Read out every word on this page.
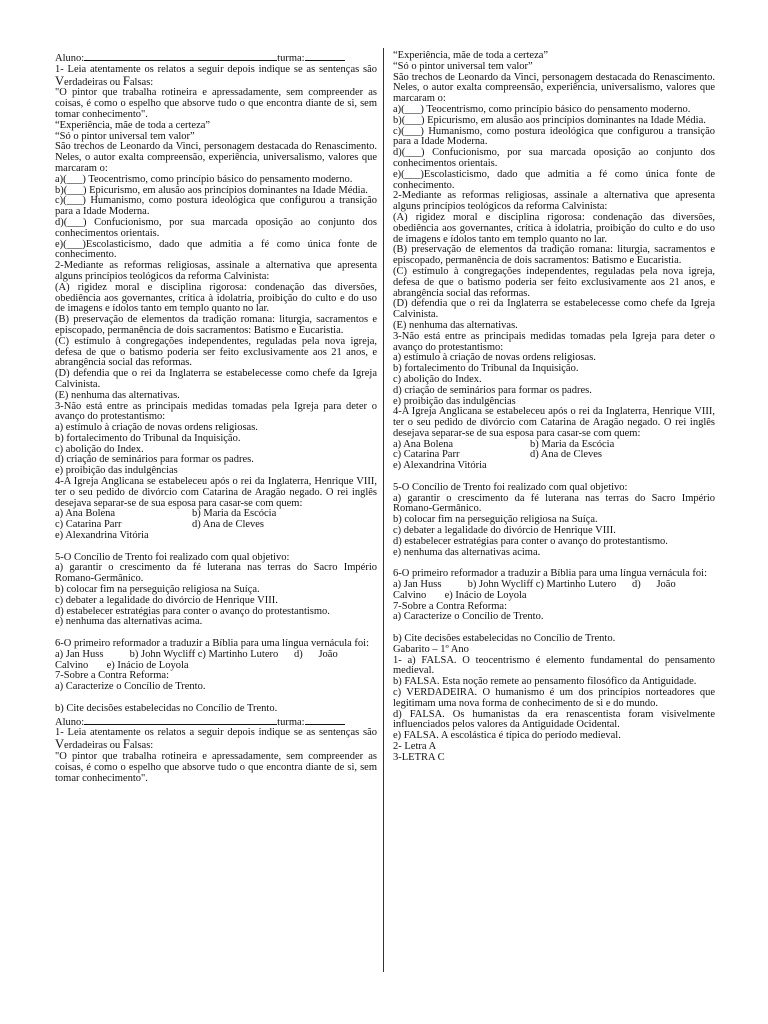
Aluno:	turma:

1- Leia atentamente os relatos a seguir depois indique se as sentenças são Verdadeiras ou Falsas:

"O pintor que trabalha rotineira e apressadamente, sem compreender as coisas, é como o espelho que absorve tudo o que encontra diante de si, sem tomar conhecimento".

“Experiência, mãe de toda a certeza”

“Só o pintor universal tem valor”

São trechos de Leonardo da Vinci, personagem destacada do Renascimento. Neles, o autor exalta compreensão, experiência, universalismo, valores que marcaram o:

a)(___) Teocentrismo, como princípio básico do pensamento moderno.

b)(___) Epicurismo, em alusão aos princípios dominantes na Idade Média.

c)(___) Humanismo, como postura ideológica que configurou a transição para a Idade Moderna.

d)(___) Confucionismo, por sua marcada oposição ao conjunto dos conhecimentos orientais.

e)(___)Escolasticismo, dado que admitia a fé como única fonte de conhecimento.

2-Mediante as reformas religiosas, assinale a alternativa que apresenta alguns princípios teológicos da reforma Calvinista:

(A) rigidez moral e disciplina rigorosa: condenação das diversões, obediência aos governantes, crítica à idolatria, proibição do culto e do uso de imagens e ídolos tanto em templo quanto no lar.

(B) preservação de elementos da tradição romana: liturgia, sacramentos e episcopado, permanência de dois sacramentos: Batismo e Eucaristia.

(C) estímulo à congregações independentes, reguladas pela nova igreja, defesa de que o batismo poderia ser feito exclusivamente aos 21 anos, e abrangência social das reformas.

(D) defendia que o rei da Inglaterra se estabelecesse como chefe da Igreja Calvinista.

(E) nenhuma das alternativas.

3-Não está entre as principais medidas tomadas pela Igreja para deter o avanço do protestantismo:

a) estímulo à criação de novas ordens religiosas.

b) fortalecimento do Tribunal da Inquisição.

c) abolição do Index.

d) criação de seminários para formar os padres.

e) proibição das indulgências

4-A Igreja Anglicana se estabeleceu após o rei da Inglaterra, Henrique VIII, ter o seu pedido de divórcio com Catarina de Aragão negado. O rei inglês desejava separar-se de sua esposa para casar-se com quem:

a) Ana Bolena	b) Maria da Escócia
c) Catarina Parr	d) Ana de Cleves

e) Alexandrina Vitória

5-O Concílio de Trento foi realizado com qual objetivo:

a) garantir o crescimento da fé luterana nas terras do Sacro Império Romano-Germânico.

b) colocar fim na perseguição religiosa na Suíça.

c) debater a legalidade do divórcio de Henrique VIII.

d) estabelecer estratégias para conter o avanço do protestantismo.

e) nenhuma das alternativas acima.

6-O primeiro reformador a traduzir a Bíblia para uma língua vernácula foi:

a) Jan Huss          b) John Wycliff c) Martinho Lutero      d)      João

Calvino       e) Inácio de Loyola

7-Sobre a Contra Reforma:

a) Caracterize o Concílio de Trento.

b) Cite decisões estabelecidas no Concílio de Trento.

Aluno:	turma:

1- Leia atentamente os relatos a seguir depois indique se as sentenças são Verdadeiras ou Falsas:

"O pintor que trabalha rotineira e apressadamente, sem compreender as coisas, é como o espelho que absorve tudo o que encontra diante de si, sem tomar conhecimento".

“Experiência, mãe de toda a certeza”

“Só o pintor universal tem valor”

São trechos de Leonardo da Vinci, personagem destacada do Renascimento. Neles, o autor exalta compreensão, experiência, universalismo, valores que marcaram o:

a)(___) Teocentrismo, como princípio básico do pensamento moderno.

b)(___) Epicurismo, em alusão aos princípios dominantes na Idade Média.

c)(___) Humanismo, como postura ideológica que configurou a transição para a Idade Moderna.

d)(___) Confucionismo, por sua marcada oposição ao conjunto dos conhecimentos orientais.

e)(___)Escolasticismo, dado que admitia a fé como única fonte de conhecimento.

2-Mediante as reformas religiosas, assinale a alternativa que apresenta alguns princípios teológicos da reforma Calvinista:

(A) rigidez moral e disciplina rigorosa: condenação das diversões, obediência aos governantes, crítica à idolatria, proibição do culto e do uso de imagens e ídolos tanto em templo quanto no lar.

(B) preservação de elementos da tradição romana: liturgia, sacramentos e episcopado, permanência de dois sacramentos: Batismo e Eucaristia.

(C) estímulo à congregações independentes, reguladas pela nova igreja, defesa de que o batismo poderia ser feito exclusivamente aos 21 anos, e abrangência social das reformas.

(D) defendia que o rei da Inglaterra se estabelecesse como chefe da Igreja Calvinista.

(E) nenhuma das alternativas.

3-Não está entre as principais medidas tomadas pela Igreja para deter o avanço do protestantismo:

a) estímulo à criação de novas ordens religiosas.

b) fortalecimento do Tribunal da Inquisição.

c) abolição do Index.

d) criação de seminários para formar os padres.

e) proibição das indulgências

4-A Igreja Anglicana se estabeleceu após o rei da Inglaterra, Henrique VIII, ter o seu pedido de divórcio com Catarina de Aragão negado. O rei inglês desejava separar-se de sua esposa para casar-se com quem:

a) Ana Bolena	b) Maria da Escócia
c) Catarina Parr	d) Ana de Cleves

e) Alexandrina Vitória

5-O Concílio de Trento foi realizado com qual objetivo:

a) garantir o crescimento da fé luterana nas terras do Sacro Império Romano-Germânico.

b) colocar fim na perseguição religiosa na Suíça.

c) debater a legalidade do divórcio de Henrique VIII.

d) estabelecer estratégias para conter o avanço do protestantismo.

e) nenhuma das alternativas acima.

6-O primeiro reformador a traduzir a Bíblia para uma língua vernácula foi:

a) Jan Huss          b) John Wycliff c) Martinho Lutero      d)      João

Calvino       e) Inácio de Loyola

7-Sobre a Contra Reforma:

a) Caracterize o Concílio de Trento.

b) Cite decisões estabelecidas no Concílio de Trento.

Gabarito – 1º Ano

1- a) FALSA. O teocentrismo é elemento fundamental do pensamento medieval.

b) FALSA. Esta noção remete ao pensamento filosófico da Antiguidade.

c) VERDADEIRA. O humanismo é um dos princípios norteadores que legitimam uma nova forma de conhecimento de si e do mundo.

d) FALSA. Os humanistas da era renascentista foram visivelmente influenciados pelos valores da Antiguidade Ocidental.

e) FALSA. A escolástica é típica do período medieval.

2- Letra A

3-LETRA C
